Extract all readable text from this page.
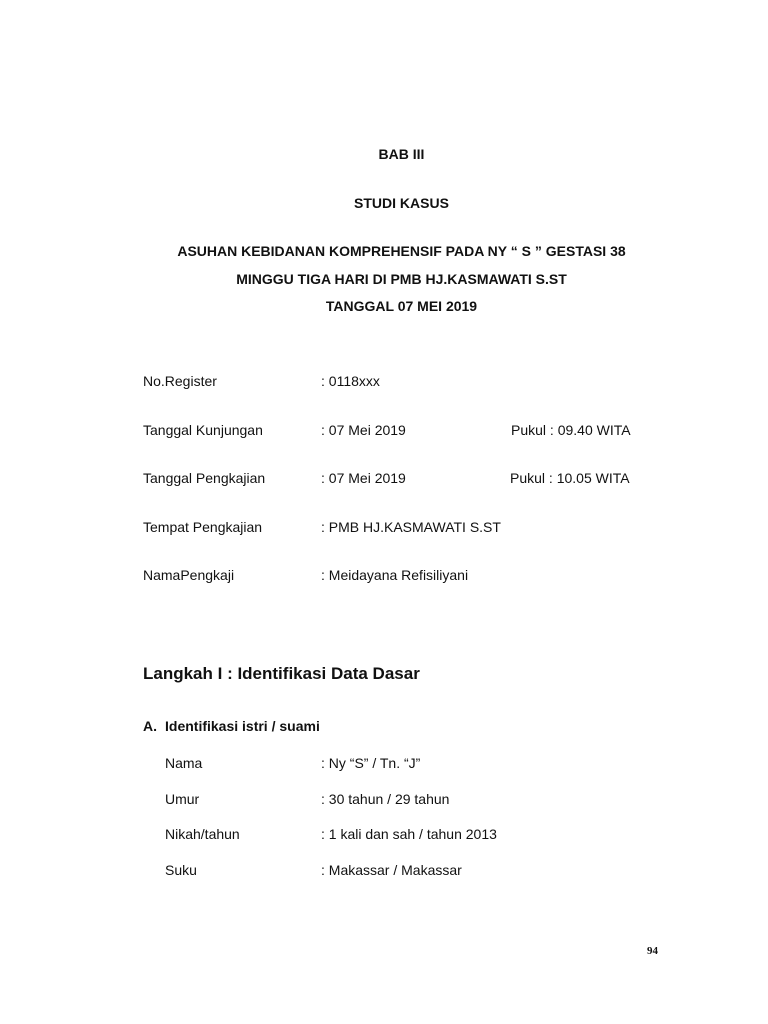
BAB III
STUDI KASUS
ASUHAN KEBIDANAN KOMPREHENSIF PADA NY “ S ” GESTASI 38
MINGGU TIGA HARI DI PMB HJ.KASMAWATI S.ST
TANGGAL 07 MEI 2019
No.Register	: 0118xxx
Tanggal Kunjungan	: 07 Mei 2019	Pukul : 09.40 WITA
Tanggal Pengkajian	: 07 Mei 2019	Pukul : 10.05 WITA
Tempat Pengkajian	: PMB HJ.KASMAWATI S.ST
NamaPengkaji	: Meidayana Refisiliyani
Langkah I : Identifikasi Data Dasar
A. Identifikasi istri / suami
Nama	: Ny “S” / Tn. “J”
Umur	: 30 tahun / 29 tahun
Nikah/tahun	: 1 kali dan sah / tahun 2013
Suku	: Makassar / Makassar
94
